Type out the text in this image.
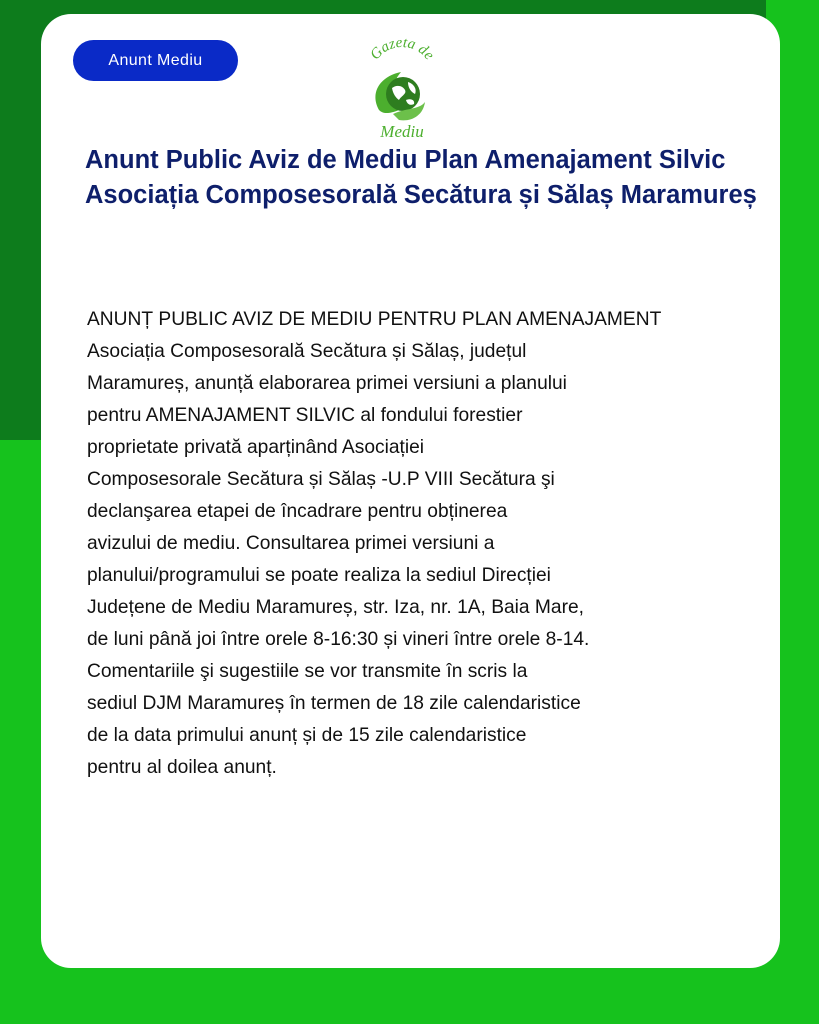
Anunt Mediu	Gazeta de
Mediu
Anunt Public Aviz de Mediu Plan Amenajament Silvic Asociația Composesorală Secătura și Sălaș Maramureș

ANUNȚ PUBLIC AVIZ DE MEDIU PENTRU PLAN AMENAJAMENT
Asociația Composesorală Secătura și Sălaș, județul
Maramureș, anunță elaborarea primei versiuni a planului
pentru AMENAJAMENT SILVIC al fondului forestier
proprietate privată aparținând Asociației
Composesorale Secătura și Sălaș -U.P VIII Secătura şi
declanşarea etapei de încadrare pentru obținerea
avizului de mediu. Consultarea primei versiuni a
planului/programului se poate realiza la sediul Direcției
Județene de Mediu Maramureș, str. Iza, nr. 1A, Baia Mare,
de luni până joi între orele 8-16:30 și vineri între orele 8-14.
Comentariile şi sugestiile se vor transmite în scris la
sediul DJM Maramureș în termen de 18 zile calendaristice
de la data primului anunț și de 15 zile calendaristice
pentru al doilea anunț.
